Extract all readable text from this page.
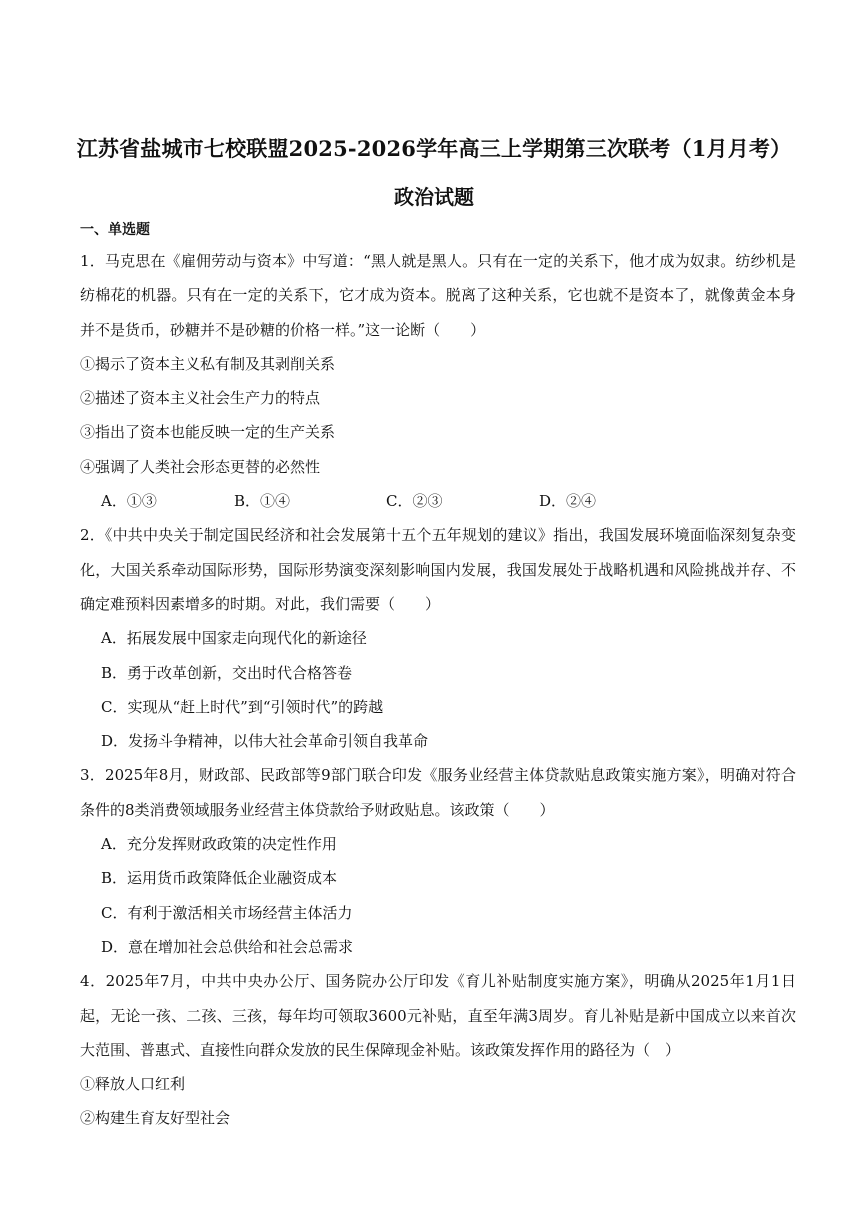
江苏省盐城市七校联盟2025-2026学年高三上学期第三次联考（1月月考）
政治试题
一、单选题

1．马克思在《雇佣劳动与资本》中写道：“黑人就是黑人。只有在一定的关系下，他才成为奴隶。纺纱机是纺棉花的机器。只有在一定的关系下，它才成为资本。脱离了这种关系，它也就不是资本了，就像黄金本身并不是货币，砂糖并不是砂糖的价格一样。”这一论断（　　）

①揭示了资本主义私有制及其剥削关系

②描述了资本主义社会生产力的特点

③指出了资本也能反映一定的生产关系

④强调了人类社会形态更替的必然性

A．①③	B．①④	C．②③	D．②④

2．《中共中央关于制定国民经济和社会发展第十五个五年规划的建议》指出，我国发展环境面临深刻复杂变化，大国关系牵动国际形势，国际形势演变深刻影响国内发展，我国发展处于战略机遇和风险挑战并存、不确定难预料因素增多的时期。对此，我们需要（　　）

A．拓展发展中国家走向现代化的新途径

B．勇于改革创新，交出时代合格答卷

C．实现从“赶上时代”到“引领时代”的跨越

D．发扬斗争精神，以伟大社会革命引领自我革命

3．2025年8月，财政部、民政部等9部门联合印发《服务业经营主体贷款贴息政策实施方案》，明确对符合条件的8类消费领域服务业经营主体贷款给予财政贴息。该政策（　　）

A．充分发挥财政政策的决定性作用

B．运用货币政策降低企业融资成本

C．有利于激活相关市场经营主体活力

D．意在增加社会总供给和社会总需求

4．2025年7月，中共中央办公厅、国务院办公厅印发《育儿补贴制度实施方案》，明确从2025年1月1日起，无论一孩、二孩、三孩，每年均可领取3600元补贴，直至年满3周岁。育儿补贴是新中国成立以来首次大范围、普惠式、直接性向群众发放的民生保障现金补贴。该政策发挥作用的路径为（　）

①释放人口红利

②构建生育友好型社会
